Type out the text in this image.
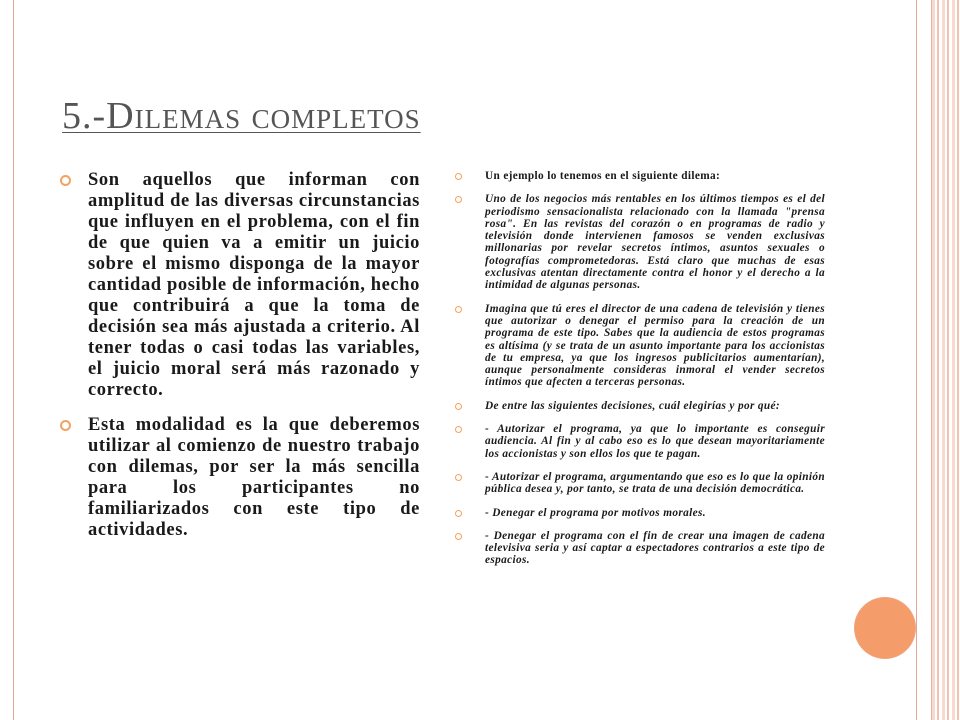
5.-Dilemas completos
Son aquellos que informan con amplitud de las diversas circunstancias que influyen en el problema, con el fin de que quien va a emitir un juicio sobre el mismo disponga de la mayor cantidad posible de información, hecho que contribuirá a que la toma de decisión sea más ajustada a criterio. Al tener todas o casi todas las variables, el juicio moral será más razonado y correcto.
Esta modalidad es la que deberemos utilizar al comienzo de nuestro trabajo con dilemas, por ser la más sencilla para los participantes no familiarizados con este tipo de actividades.
Un ejemplo lo tenemos en el siguiente dilema:
Uno de los negocios más rentables en los últimos tiempos es el del periodismo sensacionalista relacionado con la llamada "prensa rosa". En las revistas del corazón o en programas de radio y televisión donde intervienen famosos se venden exclusivas millonarias por revelar secretos íntimos, asuntos sexuales o fotografías comprometedoras. Está claro que muchas de esas exclusivas atentan directamente contra el honor y el derecho a la intimidad de algunas personas.
Imagina que tú eres el director de una cadena de televisión y tienes que autorizar o denegar el permiso para la creación de un programa de este tipo. Sabes que la audiencia de estos programas es altísima (y se trata de un asunto importante para los accionistas de tu empresa, ya que los ingresos publicitarios aumentarían), aunque personalmente consideras inmoral el vender secretos íntimos que afecten a terceras personas.
De entre las siguientes decisiones, cuál elegirías y por qué:
- Autorizar el programa, ya que lo importante es conseguir audiencia. Al fin y al cabo eso es lo que desean mayoritariamente los accionistas y son ellos los que te pagan.
- Autorizar el programa, argumentando que eso es lo que la opinión pública desea y, por tanto, se trata de una decisión democrática.
- Denegar el programa por motivos morales.
- Denegar el programa con el fin de crear una imagen de cadena televisiva seria y así captar a espectadores contrarios a este tipo de espacios.
